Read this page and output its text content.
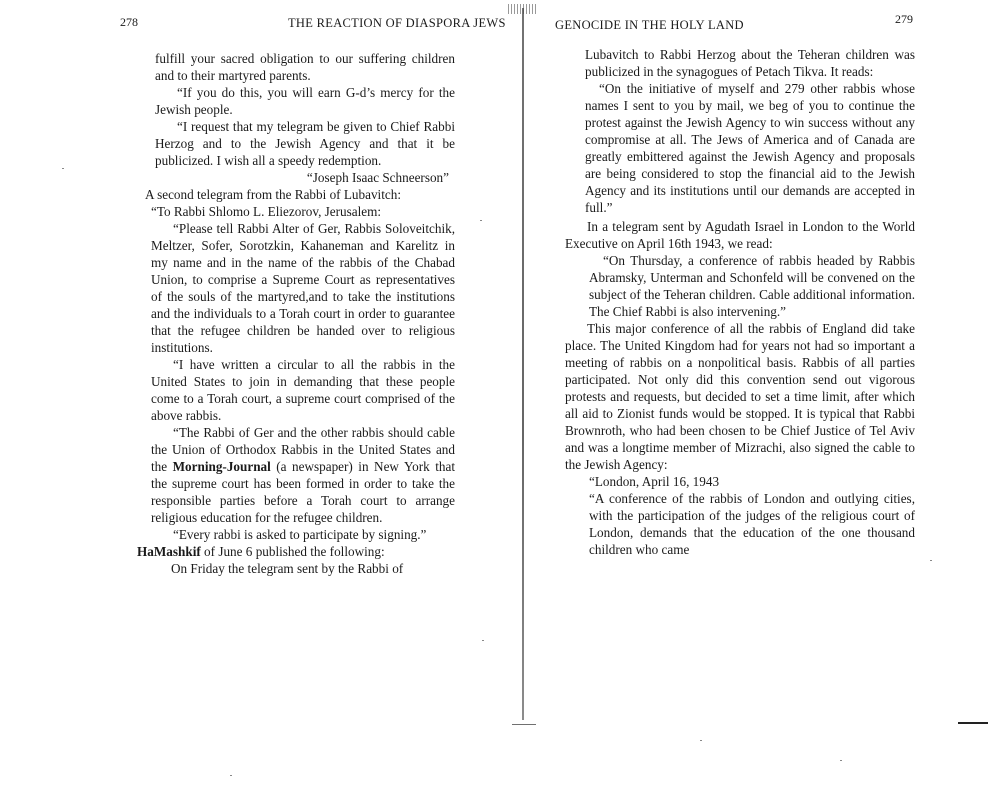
278	THE REACTION OF DIASPORA JEWS

fulfill your sacred obligation to our suffering children and to their martyred parents.

“If you do this, you will earn G-d’s mercy for the Jewish people.

“I request that my telegram be given to Chief Rabbi Herzog and to the Jewish Agency and that it be publicized. I wish all a speedy redemption.

“Joseph Isaac Schneerson”

A second telegram from the Rabbi of Lubavitch:

“To Rabbi Shlomo L. Eliezorov, Jerusalem:

“Please tell Rabbi Alter of Ger, Rabbis Soloveitchik, Meltzer, Sofer, Sorotzkin, Kahaneman and Karelitz in my name and in the name of the rabbis of the Chabad Union, to comprise a Supreme Court as representatives of the souls of the martyred,and to take the institutions and the individuals to a Torah court in order to guarantee that the refugee children be handed over to religious institutions.

“I have written a circular to all the rabbis in the United States to join in demanding that these people come to a Torah court, a supreme court comprised of the above rabbis.

“The Rabbi of Ger and the other rabbis should cable the Union of Orthodox Rabbis in the United States and the Morning-Journal (a newspaper) in New York that the supreme court has been formed in order to take the responsible parties before a Torah court to arrange religious education for the refugee children.

“Every rabbi is asked to participate by signing.”

HaMashkif of June 6 published the following:

On Friday the telegram sent by the Rabbi of

279
GENOCIDE IN THE HOLY LAND

Lubavitch to Rabbi Herzog about the Teheran children was publicized in the synagogues of Petach Tikva. It reads:

“On the initiative of myself and 279 other rabbis whose names I sent to you by mail, we beg of you to continue the protest against the Jewish Agency to win success without any compromise at all. The Jews of America and of Canada are greatly embittered against the Jewish Agency and proposals are being considered to stop the financial aid to the Jewish Agency and its institutions until our demands are accepted in full.”

In a telegram sent by Agudath Israel in London to the World Executive on April 16th 1943, we read:

“On Thursday, a conference of rabbis headed by Rabbis Abramsky, Unterman and Schonfeld will be convened on the subject of the Teheran children. Cable additional information. The Chief Rabbi is also intervening.”

This major conference of all the rabbis of England did take place. The United Kingdom had for years not had so important a meeting of rabbis on a nonpolitical basis. Rabbis of all parties participated. Not only did this convention send out vigorous protests and requests, but decided to set a time limit, after which all aid to Zionist funds would be stopped. It is typical that Rabbi Brownroth, who had been chosen to be Chief Justice of Tel Aviv and was a longtime member of Mizrachi, also signed the cable to the Jewish Agency:

“London, April 16, 1943

“A conference of the rabbis of London and outlying cities, with the participation of the judges of the religious court of London, demands that the education of the one thousand children who came
